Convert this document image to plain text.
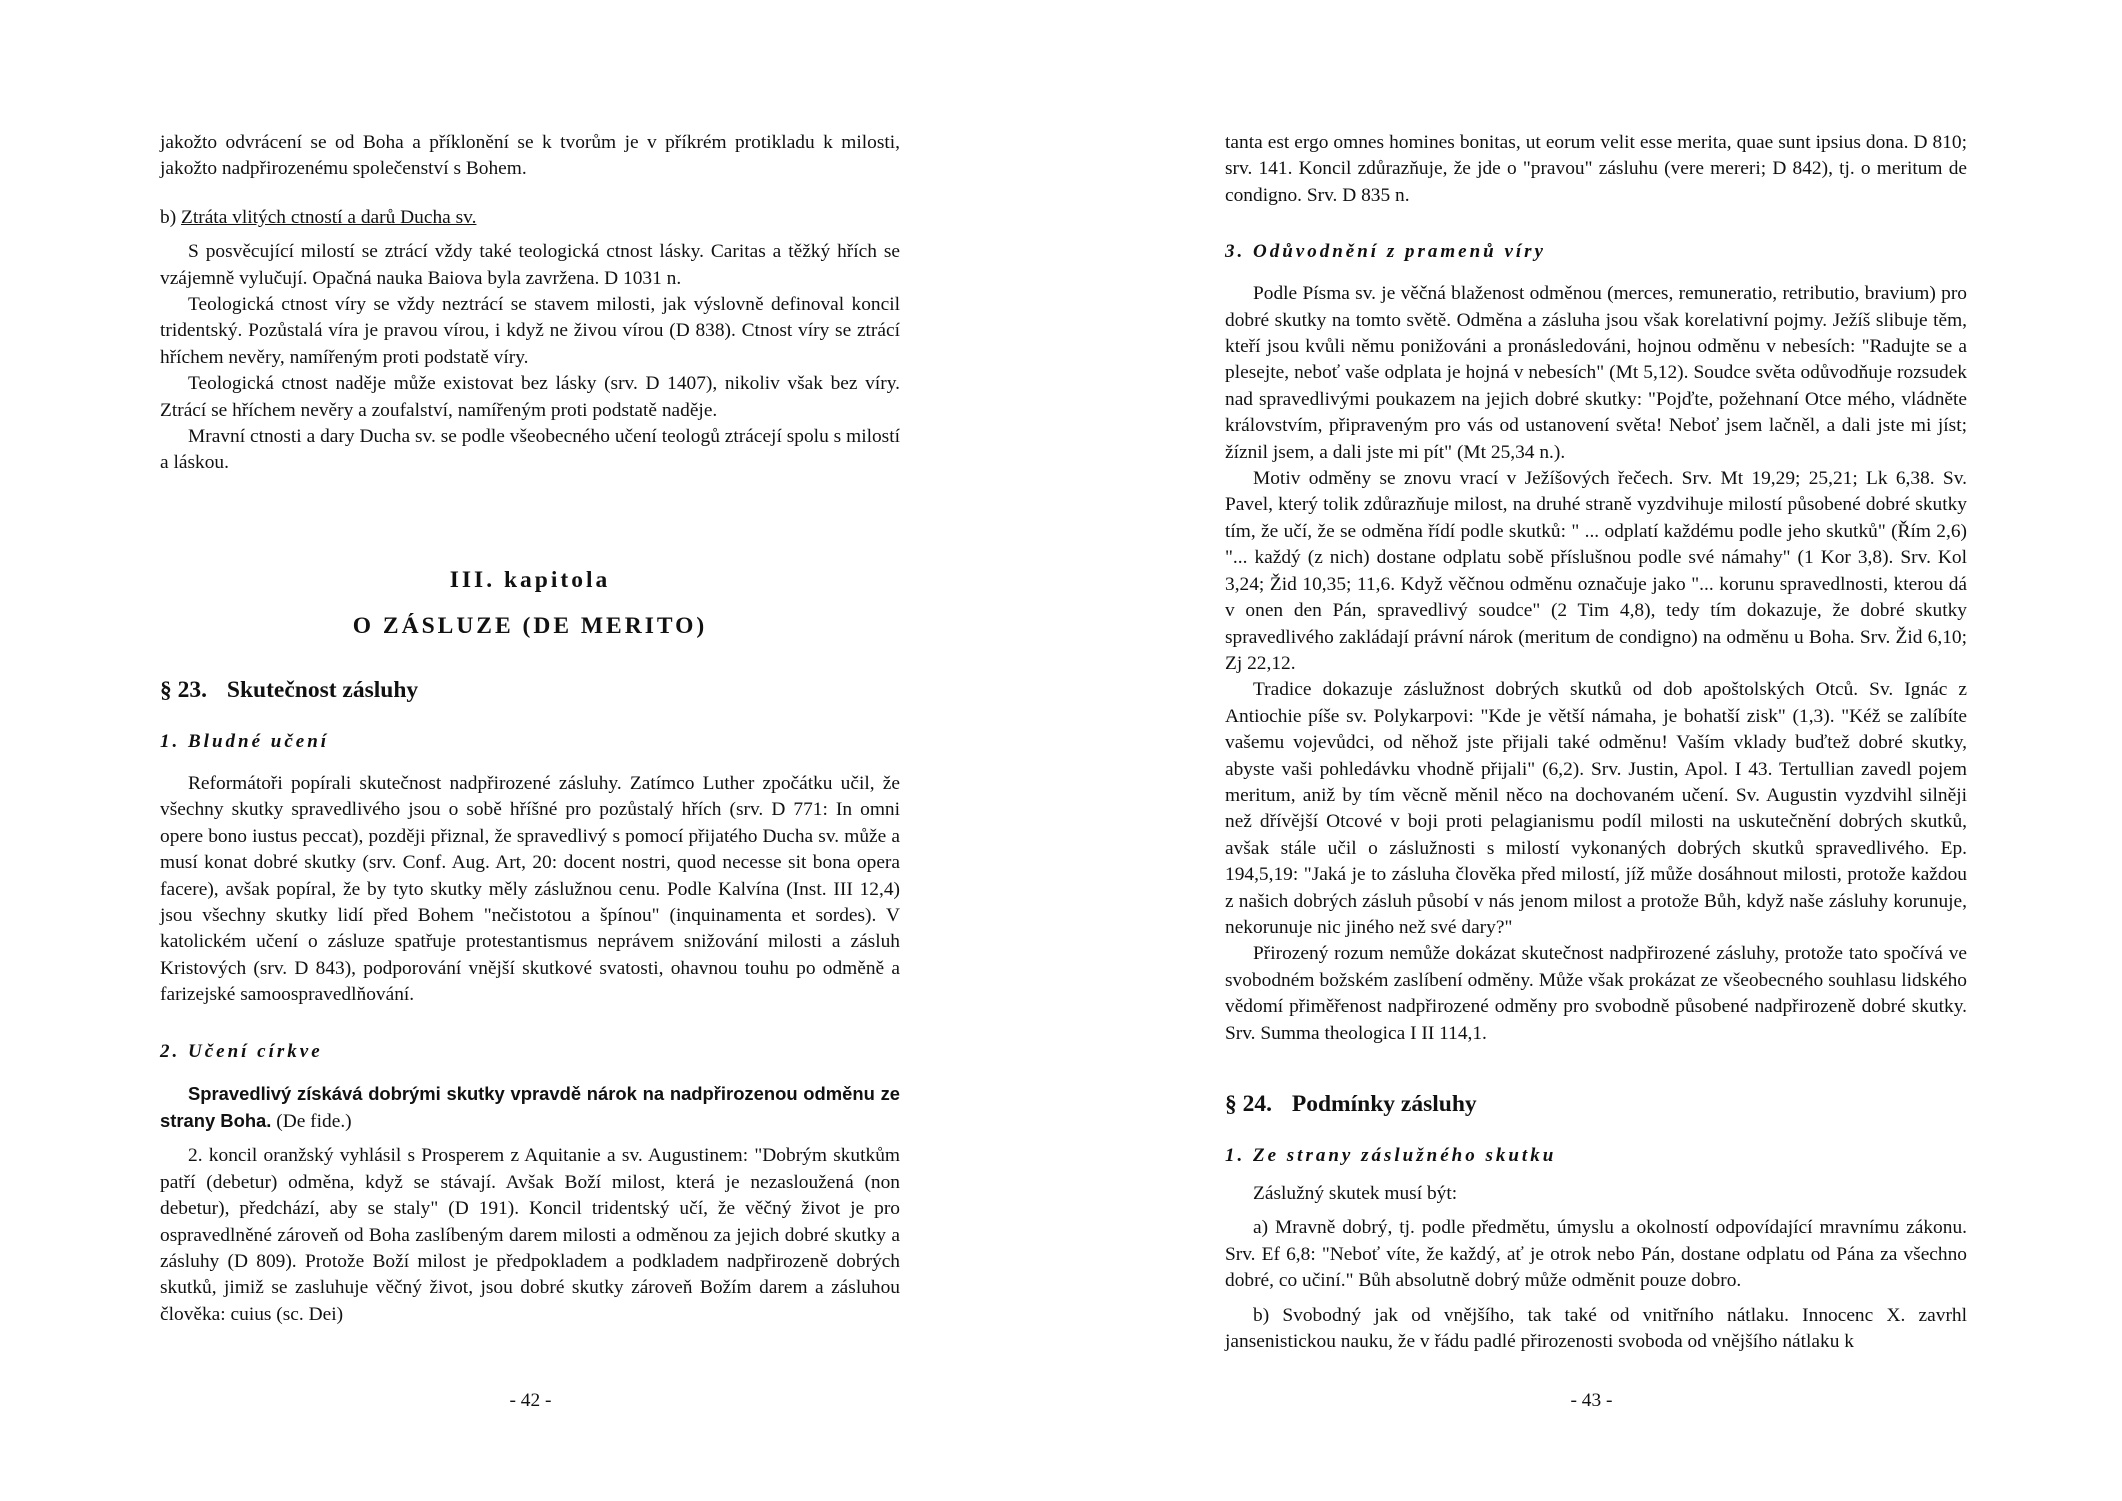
jakožto odvrácení se od Boha a příklonění se k tvorům je v příkrém protikladu k milosti, jakožto nadpřirozenému společenství s Bohem.

b) Ztráta vlitých ctností a darů Ducha sv.

S posvěcující milostí se ztrácí vždy také teologická ctnost lásky. Caritas a těžký hřích se vzájemně vylučují. Opačná nauka Baiova byla zavržena. D 1031 n.

Teologická ctnost víry se vždy neztrácí se stavem milosti, jak výslovně definoval koncil tridentský. Pozůstalá víra je pravou vírou, i když ne živou vírou (D 838). Ctnost víry se ztrácí hříchem nevěry, namířeným proti podstatě víry.

Teologická ctnost naděje může existovat bez lásky (srv. D 1407), nikoliv však bez víry. Ztrácí se hříchem nevěry a zoufalství, namířeným proti podstatě naděje.

Mravní ctnosti a dary Ducha sv. se podle všeobecného učení teologů ztrácejí spolu s milostí a láskou.

III. kapitola
O ZÁSLUZE (DE MERITO)
§ 23. Skutečnost zásluhy
1. Bludné učení

Reformátoři popírali skutečnost nadpřirozené zásluhy. Zatímco Luther zpočátku učil, že všechny skutky spravedlivého jsou o sobě hříšné pro pozůstalý hřích (srv. D 771: In omni opere bono iustus peccat), později přiznal, že spravedlivý s pomocí přijatého Ducha sv. může a musí konat dobré skutky (srv. Conf. Aug. Art, 20: docent nostri, quod necesse sit bona opera facere), avšak popíral, že by tyto skutky měly záslužnou cenu. Podle Kalvína (Inst. III 12,4) jsou všechny skutky lidí před Bohem "nečistotou a špínou" (inquinamenta et sordes). V katolickém učení o zásluze spatřuje protestantismus neprávem snižování milosti a zásluh Kristových (srv. D 843), podporování vnější skutkové svatosti, ohavnou touhu po odměně a farizejské samoospravedlňování.

2. Učení církve

Spravedlivý získává dobrými skutky vpravdě nárok na nadpřirozenou odměnu ze strany Boha. (De fide.)

2. koncil oranžský vyhlásil s Prosperem z Aquitanie a sv. Augustinem: "Dobrým skutkům patří (debetur) odměna, když se stávají. Avšak Boží milost, která je nezasloužená (non debetur), předchází, aby se staly" (D 191). Koncil tridentský učí, že věčný život je pro ospravedlněné zároveň od Boha zaslíbeným darem milosti a odměnou za jejich dobré skutky a zásluhy (D 809). Protože Boží milost je předpokladem a podkladem nadpřirozeně dobrých skutků, jimiž se zasluhuje věčný život, jsou dobré skutky zároveň Božím darem a zásluhou člověka: cuius (sc. Dei)

- 42 -

tanta est ergo omnes homines bonitas, ut eorum velit esse merita, quae sunt ipsius dona. D 810; srv. 141. Koncil zdůrazňuje, že jde o "pravou" zásluhu (vere mereri; D 842), tj. o meritum de condigno. Srv. D 835 n.

3. Odůvodnění z pramenů víry

Podle Písma sv. je věčná blaženost odměnou (merces, remuneratio, retributio, bravium) pro dobré skutky na tomto světě. Odměna a zásluha jsou však korelativní pojmy. Ježíš slibuje těm, kteří jsou kvůli němu ponižováni a pronásledováni, hojnou odměnu v nebesích: "Radujte se a plesejte, neboť vaše odplata je hojná v nebesích" (Mt 5,12). Soudce světa odůvodňuje rozsudek nad spravedlivými poukazem na jejich dobré skutky: "Pojďte, požehnaní Otce mého, vládněte královstvím, připraveným pro vás od ustanovení světa! Neboť jsem lačněl, a dali jste mi jíst; žíznil jsem, a dali jste mi pít" (Mt 25,34 n.).

Motiv odměny se znovu vrací v Ježíšových řečech. Srv. Mt 19,29; 25,21; Lk 6,38. Sv. Pavel, který tolik zdůrazňuje milost, na druhé straně vyzdvihuje milostí působené dobré skutky tím, že učí, že se odměna řídí podle skutků: " ... odplatí každému podle jeho skutků" (Řím 2,6) "... každý (z nich) dostane odplatu sobě příslušnou podle své námahy" (1 Kor 3,8). Srv. Kol 3,24; Žid 10,35; 11,6. Když věčnou odměnu označuje jako "... korunu spravedlnosti, kterou dá v onen den Pán, spravedlivý soudce" (2 Tim 4,8), tedy tím dokazuje, že dobré skutky spravedlivého zakládají právní nárok (meritum de condigno) na odměnu u Boha. Srv. Žid 6,10; Zj 22,12.

Tradice dokazuje záslužnost dobrých skutků od dob apoštolských Otců. Sv. Ignác z Antiochie píše sv. Polykarpovi: "Kde je větší námaha, je bohatší zisk" (1,3). "Kéž se zalíbíte vašemu vojevůdci, od něhož jste přijali také odměnu! Vaším vklady buďtež dobré skutky, abyste vaši pohledávku vhodně přijali" (6,2). Srv. Justin, Apol. I 43. Tertullian zavedl pojem meritum, aniž by tím věcně měnil něco na dochovaném učení. Sv. Augustin vyzdvihl silněji než dřívější Otcové v boji proti pelagianismu podíl milosti na uskutečnění dobrých skutků, avšak stále učil o záslužnosti s milostí vykonaných dobrých skutků spravedlivého. Ep. 194,5,19: "Jaká je to zásluha člověka před milostí, jíž může dosáhnout milosti, protože každou z našich dobrých zásluh působí v nás jenom milost a protože Bůh, když naše zásluhy korunuje, nekorunuje nic jiného než své dary?"

Přirozený rozum nemůže dokázat skutečnost nadpřirozené zásluhy, protože tato spočívá ve svobodném božském zaslíbení odměny. Může však prokázat ze všeobecného souhlasu lidského vědomí přiměřenost nadpřirozené odměny pro svobodně působené nadpřirozeně dobré skutky. Srv. Summa theologica I II 114,1.

§ 24. Podmínky zásluhy
1. Ze strany záslužného skutku

Záslužný skutek musí být:

a) Mravně dobrý, tj. podle předmětu, úmyslu a okolností odpovídající mravnímu zákonu. Srv. Ef 6,8: "Neboť víte, že každý, ať je otrok nebo Pán, dostane odplatu od Pána za všechno dobré, co učiní." Bůh absolutně dobrý může odměnit pouze dobro.

b) Svobodný jak od vnějšího, tak také od vnitřního nátlaku. Innocenc X. zavrhl jansenistickou nauku, že v řádu padlé přirozenosti svoboda od vnějšího nátlaku k

- 43 -
